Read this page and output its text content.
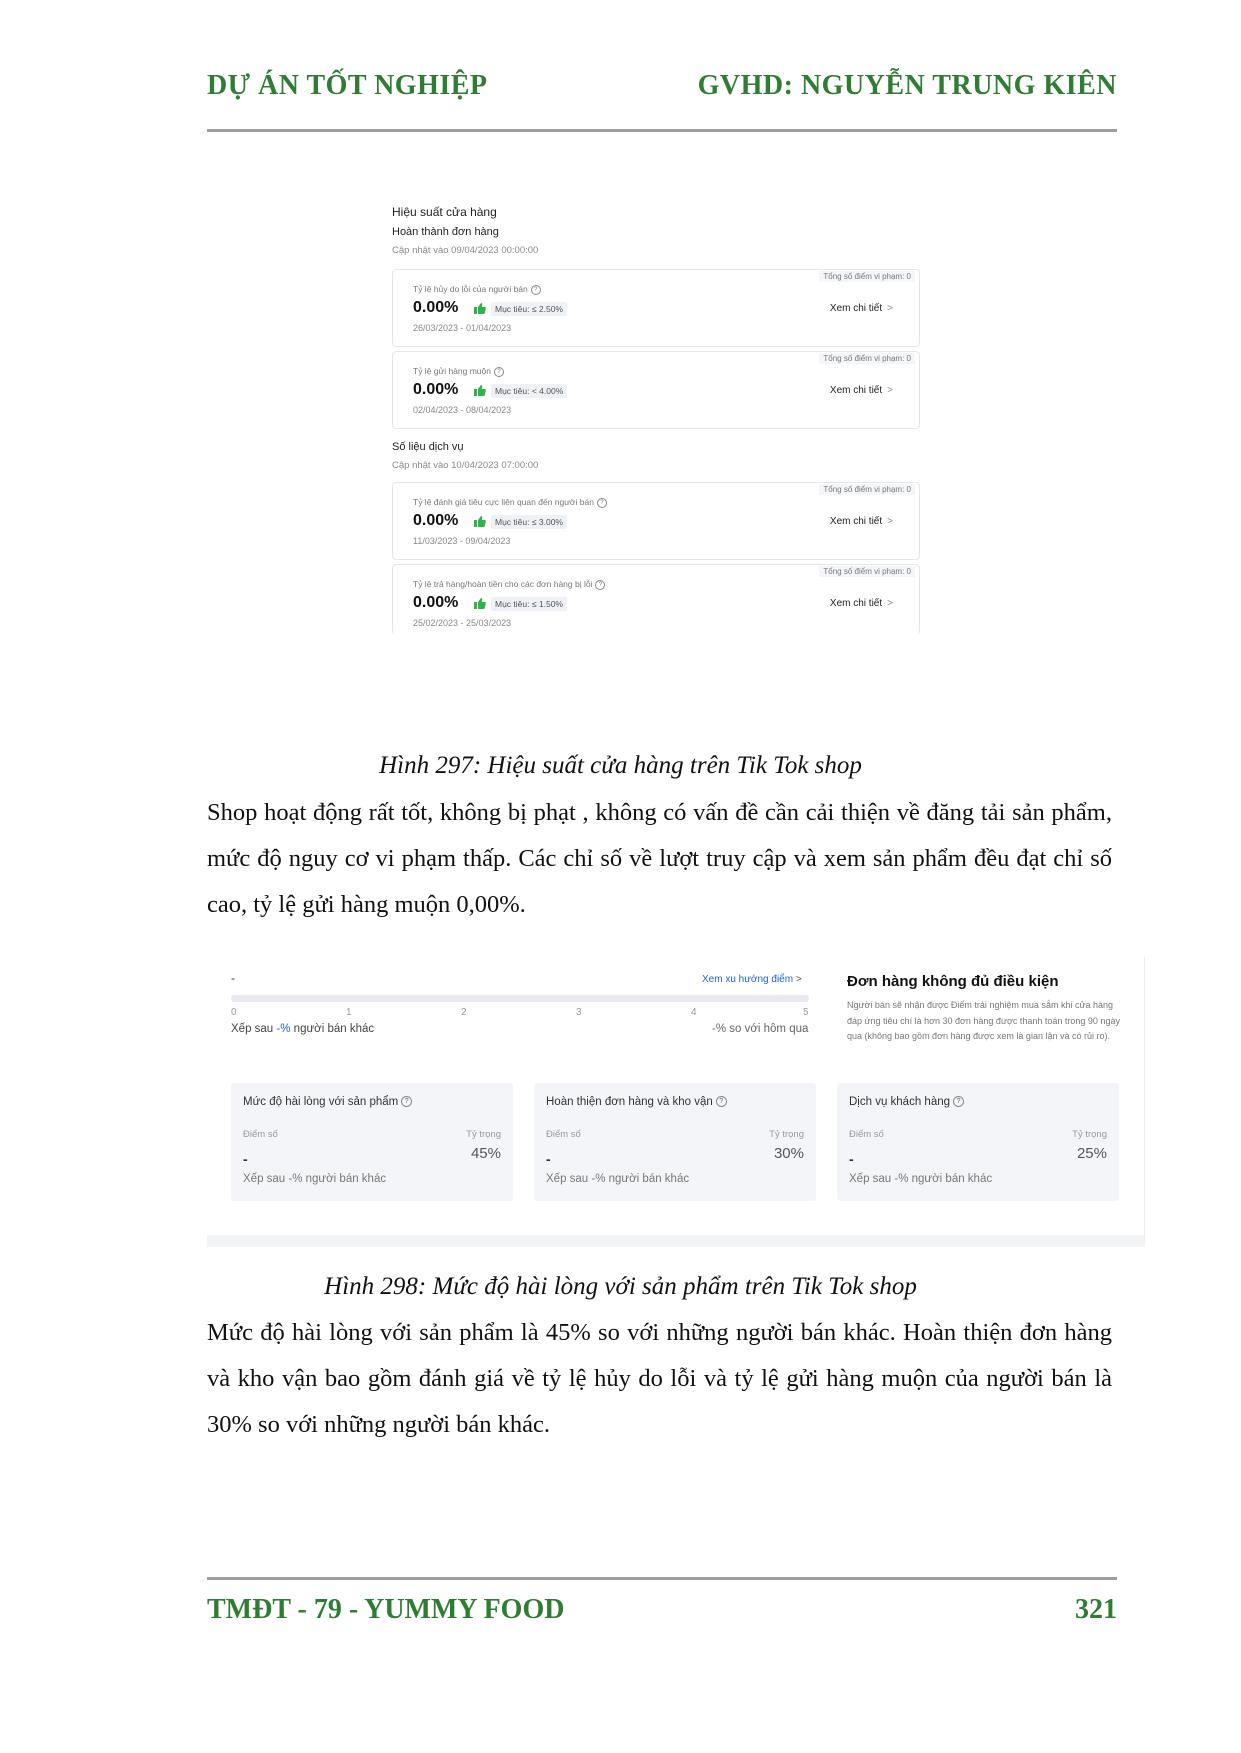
DỰ ÁN TỐT NGHIỆP	GVHD: NGUYỄN TRUNG KIÊN
Hiệu suất cửa hàng
Hoàn thành đơn hàng
Cập nhật vào 09/04/2023 00:00:00
Tổng số điểm vi phạm: 0
Tỷ lệ hủy do lỗi của người bán ?
0.00%	Mục tiêu: ≤ 2.50%
26/03/2023 - 01/04/2023
Xem chi tiết >
Tổng số điểm vi phạm: 0
Tỷ lệ gửi hàng muộn ?
0.00%	Mục tiêu: < 4.00%
02/04/2023 - 08/04/2023
Xem chi tiết >
Số liệu dịch vụ
Cập nhật vào 10/04/2023 07:00:00
Tổng số điểm vi phạm: 0
Tỷ lệ đánh giá tiêu cực liên quan đến người bán ?
0.00%	Mục tiêu: ≤ 3.00%
11/03/2023 - 09/04/2023
Xem chi tiết >
Tổng số điểm vi phạm: 0
Tỷ lệ trả hàng/hoàn tiền cho các đơn hàng bị lỗi ?
0.00%	Mục tiêu: ≤ 1.50%
25/02/2023 - 25/03/2023
Xem chi tiết >
Hình 297: Hiệu suất cửa hàng trên Tik Tok shop
Shop hoạt động rất tốt, không bị phạt , không có vấn đề cần cải thiện về đăng tải sản phẩm, mức độ nguy cơ vi phạm thấp. Các chỉ số về lượt truy cập và xem sản phẩm đều đạt chỉ số cao, tỷ lệ gửi hàng muộn 0,00%.
-	Xem xu hướng điểm >
0	1	2	3	4	5
Xếp sau -% người bán khác	-% so với hôm qua
Đơn hàng không đủ điều kiện
Người bán sẽ nhận được Điểm trải nghiệm mua sắm khi cửa hàng đáp ứng tiêu chí là hơn 30 đơn hàng được thanh toán trong 90 ngày qua (không bao gồm đơn hàng được xem là gian lận và có rủi ro).
Mức độ hài lòng với sản phẩm ?
Điểm số	Tỷ trọng
45%
-
Xếp sau -% người bán khác
Hoàn thiện đơn hàng và kho vận ?
Điểm số	Tỷ trọng
30%
-
Xếp sau -% người bán khác
Dịch vụ khách hàng ?
Điểm số	Tỷ trọng
25%
-
Xếp sau -% người bán khác
Hình 298: Mức độ hài lòng với sản phẩm trên Tik Tok shop
Mức độ hài lòng với sản phẩm là 45% so với những người bán khác. Hoàn thiện đơn hàng và kho vận bao gồm đánh giá về tỷ lệ hủy do lỗi và tỷ lệ gửi hàng muộn của người bán là 30% so với những người bán khác.
TMĐT - 79 - YUMMY FOOD	321
